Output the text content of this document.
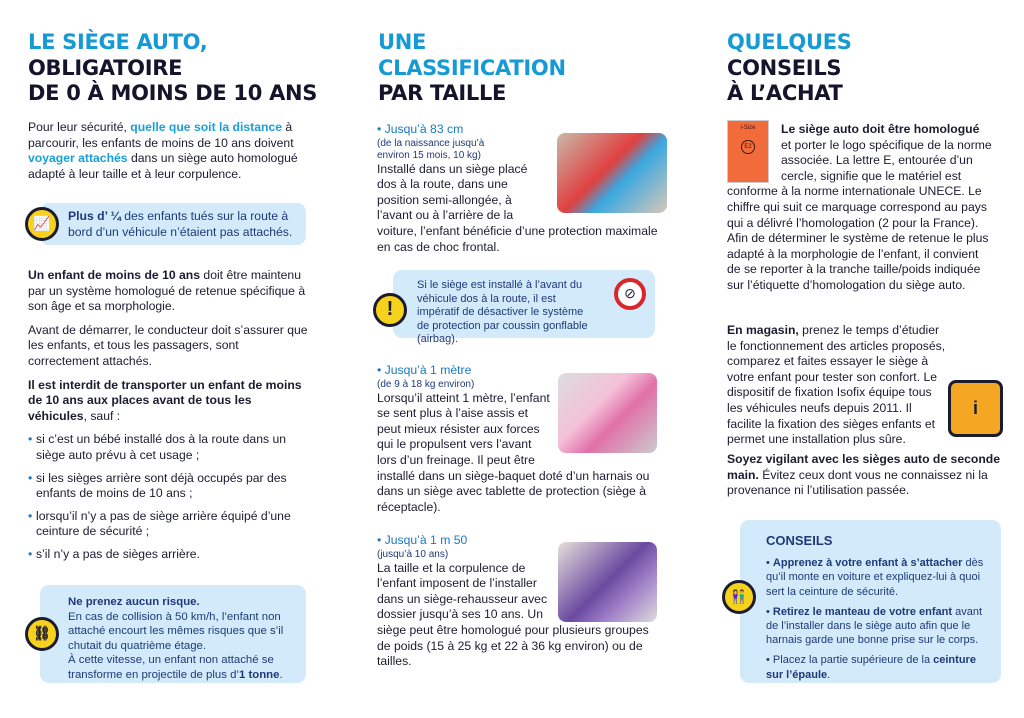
LE SIÈGE AUTO,
OBLIGATOIRE
DE 0 À MOINS DE 10 ANS
Pour leur sécurité, quelle que soit la distance à parcourir, les enfants de moins de 10 ans doivent voyager attachés dans un siège auto homologué adapté à leur taille et à leur corpulence.
Plus d’ ¼ des enfants tués sur la route à bord d’un véhicule n’étaient pas attachés.
📈

Un enfant de moins de 10 ans doit être maintenu par un système homologué de retenue spécifique à son âge et sa morphologie.

Avant de démarrer, le conducteur doit s’assurer que les enfants, et tous les passagers, sont correctement attachés.

Il est interdit de transporter un enfant de moins de 10 ans aux places avant de tous les véhicules, sauf :

• si c’est un bébé installé dos à la route dans un siège auto prévu à cet usage ;
• si les sièges arrière sont déjà occupés par des enfants de moins de 10 ans ;
• lorsqu’il n’y a pas de siège arrière équipé d’une ceinture de sécurité ;
• s’il n’y a pas de sièges arrière.
Ne prenez aucun risque.
En cas de collision à 50 km/h, l’enfant non attaché encourt les mêmes risques que s’il chutait du quatrième étage.
À cette vitesse, un enfant non attaché se transforme en projectile de plus d’1 tonne.
⛓
UNE
CLASSIFICATION
PAR TAILLE
• Jusqu’à 83 cm
(de la naissance jusqu’à environ 15 mois, 10 kg)
Installé dans un siège placé dos à la route, dans une position semi-allongée, à l’avant ou à l’arrière de la voiture, l’enfant bénéficie d’une protection maximale en cas de choc frontal.
Si le siège est installé à l’avant du véhicule dos à la route, il est impératif de désactiver le système de protection par coussin gonflable (airbag).
!
⊘
• Jusqu’à 1 mètre
(de 9 à 18 kg environ)
Lorsqu’il atteint 1 mètre, l’enfant se sent plus à l’aise assis et peut mieux résister aux forces qui le propulsent vers l’avant lors d’un freinage. Il peut être installé dans un siège-baquet doté d’un harnais ou dans un siège avec tablette de protection (siège à réceptacle).
• Jusqu’à 1 m 50
(jusqu’à 10 ans)
La taille et la corpulence de l’enfant imposent de l’installer dans un siège-rehausseur avec dossier jusqu’à ses 10 ans. Un siège peut être homologué pour plusieurs groupes de poids (15 à 25 kg et 22 à 36 kg environ) ou de tailles.
QUELQUES
CONSEILS
À L’ACHAT
i-Size

E2
Le siège auto doit être homologué et porter le logo spécifique de la norme associée. La lettre E, entourée d’un cercle, signifie que le matériel est conforme à la norme internationale UNECE. Le chiffre qui suit ce marquage correspond au pays qui a délivré l’homologation (2 pour la France). Afin de déterminer le système de retenue le plus adapté à la morphologie de l’enfant, il convient de se reporter à la tranche taille/poids indiquée sur l’étiquette d’homologation du siège auto.
En magasin, prenez le temps d’étudier le fonctionnement des articles proposés, comparez et faites essayer le siège à votre enfant pour tester son confort. Le dispositif de fixation Isofix équipe tous les véhicules neufs depuis 2011. Il facilite la fixation des sièges enfants et permet une installation plus sûre.
i
Soyez vigilant avec les sièges auto de seconde main. Évitez ceux dont vous ne connaissez ni la provenance ni l’utilisation passée.
CONSEILS
• Apprenez à votre enfant à s’attacher dès qu’il monte en voiture et expliquez-lui à quoi sert la ceinture de sécurité.
• Retirez le manteau de votre enfant avant de l’installer dans le siège auto afin que le harnais garde une bonne prise sur le corps.
• Placez la partie supérieure de la ceinture sur l’épaule.
👫
